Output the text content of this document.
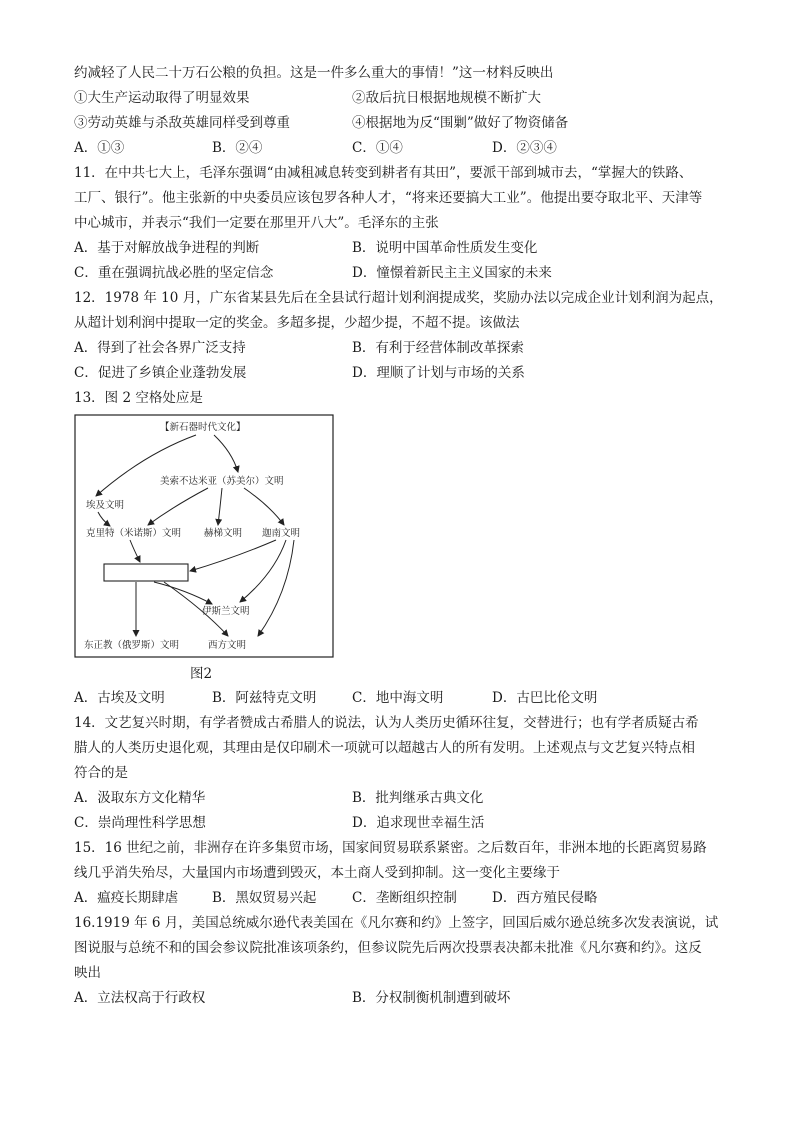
约减轻了人民二十万石公粮的负担。这是一件多么重大的事情！”这一材料反映出
①大生产运动取得了明显效果	②敌后抗日根据地规模不断扩大
③劳动英雄与杀敌英雄同样受到尊重	④根据地为反“围剿”做好了物资储备
A．①③	B．②④	C．①④	D．②③④
11．在中共七大上，毛泽东强调“由减租减息转变到耕者有其田”，要派干部到城市去，“掌握大的铁路、
工厂、银行”。他主张新的中央委员应该包罗各种人才，“将来还要搞大工业”。他提出要夺取北平、天津等
中心城市，并表示“我们一定要在那里开八大”。毛泽东的主张
A．基于对解放战争进程的判断	B．说明中国革命性质发生变化
C．重在强调抗战必胜的坚定信念	D．憧憬着新民主主义国家的未来
12．1978 年 10 月，广东省某县先后在全县试行超计划利润提成奖，奖励办法以完成企业计划利润为起点，
从超计划利润中提取一定的奖金。多超多提，少超少提，不超不提。该做法
A．得到了社会各界广泛支持	B．有利于经营体制改革探索
C．促进了乡镇企业蓬勃发展	D．理顺了计划与市场的关系
13．图 2 空格处应是
【新石器时代文化】
美索不达米亚（苏美尔）文明
埃及文明
克里特（米诺斯）文明 赫梯文明 迦南文明
伊斯兰文明
东正教（俄罗斯）文明	西方文明
图2
A．古埃及文明	B．阿兹特克文明	C．地中海文明	D．古巴比伦文明
14．文艺复兴时期，有学者赞成古希腊人的说法，认为人类历史循环往复，交替进行；也有学者质疑古希
腊人的人类历史退化观，其理由是仅印刷术一项就可以超越古人的所有发明。上述观点与文艺复兴特点相
符合的是
A．汲取东方文化精华	B．批判继承古典文化
C．崇尚理性科学思想	D．追求现世幸福生活
15．16 世纪之前，非洲存在许多集贸市场，国家间贸易联系紧密。之后数百年，非洲本地的长距离贸易路
线几乎消失殆尽，大量国内市场遭到毁灭，本土商人受到抑制。这一变化主要缘于
A．瘟疫长期肆虐	B．黑奴贸易兴起	C．垄断组织控制	D．西方殖民侵略
16.1919 年 6 月，美国总统威尔逊代表美国在《凡尔赛和约》上签字，回国后威尔逊总统多次发表演说，试
图说服与总统不和的国会参议院批准该项条约，但参议院先后两次投票表决都未批准《凡尔赛和约》。这反
映出
A．立法权高于行政权	B．分权制衡机制遭到破坏
